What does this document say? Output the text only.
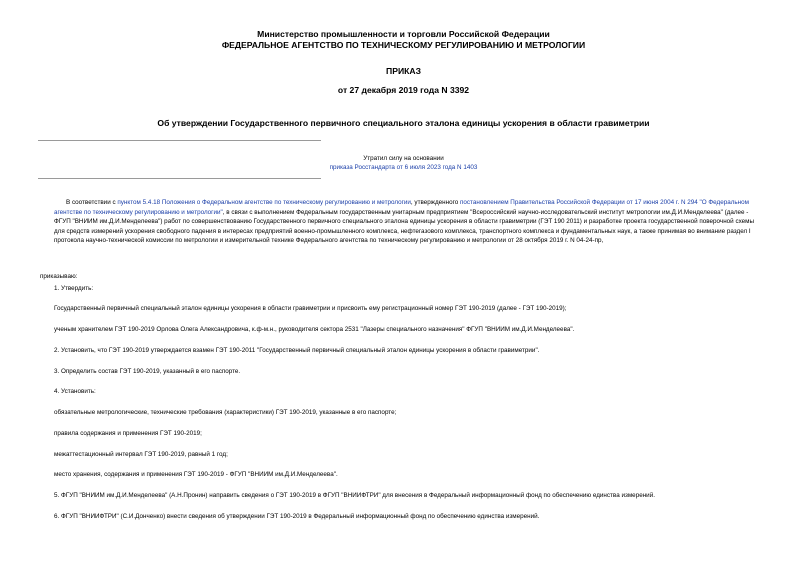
Министерство промышленности и торговли Российской Федерации
ФЕДЕРАЛЬНОЕ АГЕНТСТВО ПО ТЕХНИЧЕСКОМУ РЕГУЛИРОВАНИЮ И МЕТРОЛОГИИ
ПРИКАЗ
от 27 декабря 2019 года N 3392
Об утверждении Государственного первичного специального эталона единицы ускорения в области гравиметрии
Утратил силу на основании
приказа Росстандарта от 6 июля 2023 года N 1403
В соответствии с пунктом 5.4.18 Положения о Федеральном агентстве по техническому регулированию и метрологии, утвержденного постановлением Правительства Российской Федерации от 17 июня 2004 г. N 294 "О Федеральном агентстве по техническому регулированию и метрологии", в связи с выполнением Федеральным государственным унитарным предприятием "Всероссийский научно-исследовательский институт метрологии им.Д.И.Менделеева" (далее - ФГУП "ВНИИМ им.Д.И.Менделеева") работ по совершенствованию Государственного первичного специального эталона единицы ускорения в области гравиметрии (ГЭТ 190 2011) и разработке проекта государственной поверочной схемы для средств измерений ускорения свободного падения в интересах предприятий военно-промышленного комплекса, нефтегазового комплекса, транспортного комплекса и фундаментальных наук, а также принимая во внимание раздел I протокола научно-технической комиссии по метрологии и измерительной технике Федерального агентства по техническому регулированию и метрологии от 28 октября 2019 г. N 04-24-пр,
приказываю:
1. Утвердить:
Государственный первичный специальный эталон единицы ускорения в области гравиметрии и присвоить ему регистрационный номер ГЭТ 190-2019 (далее - ГЭТ 190-2019);
ученым хранителем ГЭТ 190-2019 Орлова Олега Александровича, к.ф-м.н., руководителя сектора 2531 "Лазеры специального назначения" ФГУП "ВНИИМ им.Д.И.Менделеева".
2. Установить, что ГЭТ 190-2019 утверждается взамен ГЭТ 190-2011 "Государственный первичный специальный эталон единицы ускорения в области гравиметрии".
3. Определить состав ГЭТ 190-2019, указанный в его паспорте.
4. Установить:
обязательные метрологические, технические требования (характеристики) ГЭТ 190-2019, указанные в его паспорте;
правила содержания и применения ГЭТ 190-2019;
межаттестационный интервал ГЭТ 190-2019, равный 1 год;
место хранения, содержания и применения ГЭТ 190-2019 - ФГУП "ВНИИМ им.Д.И.Менделеева".
5. ФГУП "ВНИИМ им.Д.И.Менделеева" (А.Н.Пронин) направить сведения о ГЭТ 190-2019 в ФГУП "ВНИИФТРИ" для внесения в Федеральный информационный фонд по обеспечению единства измерений.
6. ФГУП "ВНИИФТРИ" (С.И.Донченко) внести сведения об утверждении ГЭТ 190-2019 в Федеральный информационный фонд по обеспечению единства измерений.
